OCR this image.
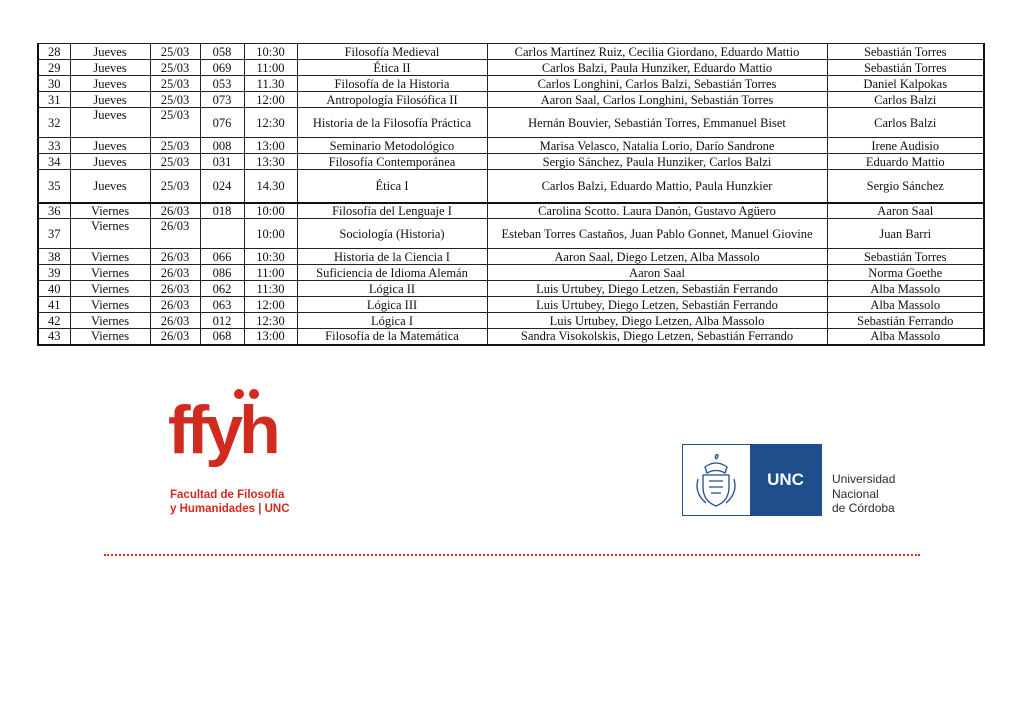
28	Jueves	25/03	058	10:30	Filosofía Medieval	Carlos Martínez Ruiz, Cecilia Giordano, Eduardo Mattio	Sebastián Torres
29	Jueves	25/03	069	11:00	Ética II	Carlos Balzi, Paula Hunziker, Eduardo Mattio	Sebastián Torres
30	Jueves	25/03	053	11.30	Filosofía de la Historia	Carlos Longhini, Carlos Balzi, Sebastián Torres	Daniel Kalpokas
31	Jueves	25/03	073	12:00	Antropología Filosófica II	Aaron Saal, Carlos Longhini, Sebastián Torres	Carlos Balzi
32	Jueves	25/03	076	12:30	Historia de la Filosofía Práctica	Hernán Bouvier, Sebastián Torres, Emmanuel Biset	Carlos Balzi
33	Jueves	25/03	008	13:00	Seminario Metodológico	Marisa Velasco, Natalia Lorio, Darío Sandrone	Irene Audisio
34	Jueves	25/03	031	13:30	Filosofía Contemporánea	Sergio Sánchez, Paula Hunziker, Carlos Balzi	Eduardo Mattio
35	Jueves	25/03	024	14.30	Ética I	Carlos Balzi, Eduardo Mattio, Paula Hunzkier	Sergio Sánchez
36	Viernes	26/03	018	10:00	Filosofía del Lenguaje I	Carolina Scotto. Laura Danón, Gustavo Agüero	Aaron Saal
37	Viernes	26/03		10:00	Sociología (Historia)	Esteban Torres Castaños, Juan Pablo Gonnet, Manuel Giovine	Juan Barri
38	Viernes	26/03	066	10:30	Historia de la Ciencia I	Aaron Saal, Diego Letzen, Alba Massolo	Sebastián Torres
39	Viernes	26/03	086	11:00	Suficiencia de Idioma Alemán	Aaron Saal	Norma Goethe
40	Viernes	26/03	062	11:30	Lógica II	Luis Urtubey, Diego Letzen, Sebastián Ferrando	Alba Massolo
41	Viernes	26/03	063	12:00	Lógica III	Luis Urtubey, Diego Letzen, Sebastián Ferrando	Alba Massolo
42	Viernes	26/03	012	12:30	Lógica I	Luis Urtubey, Diego Letzen, Alba Massolo	Sebastián Ferrando
43	Viernes	26/03	068	13:00	Filosofía de la Matemática	Sandra Visokolskis, Diego Letzen, Sebastián Ferrando	Alba Massolo
ffyh
Facultad de Filosofía
y Humanidades | UNC
UNC	Universidad
Nacional
de Córdoba
